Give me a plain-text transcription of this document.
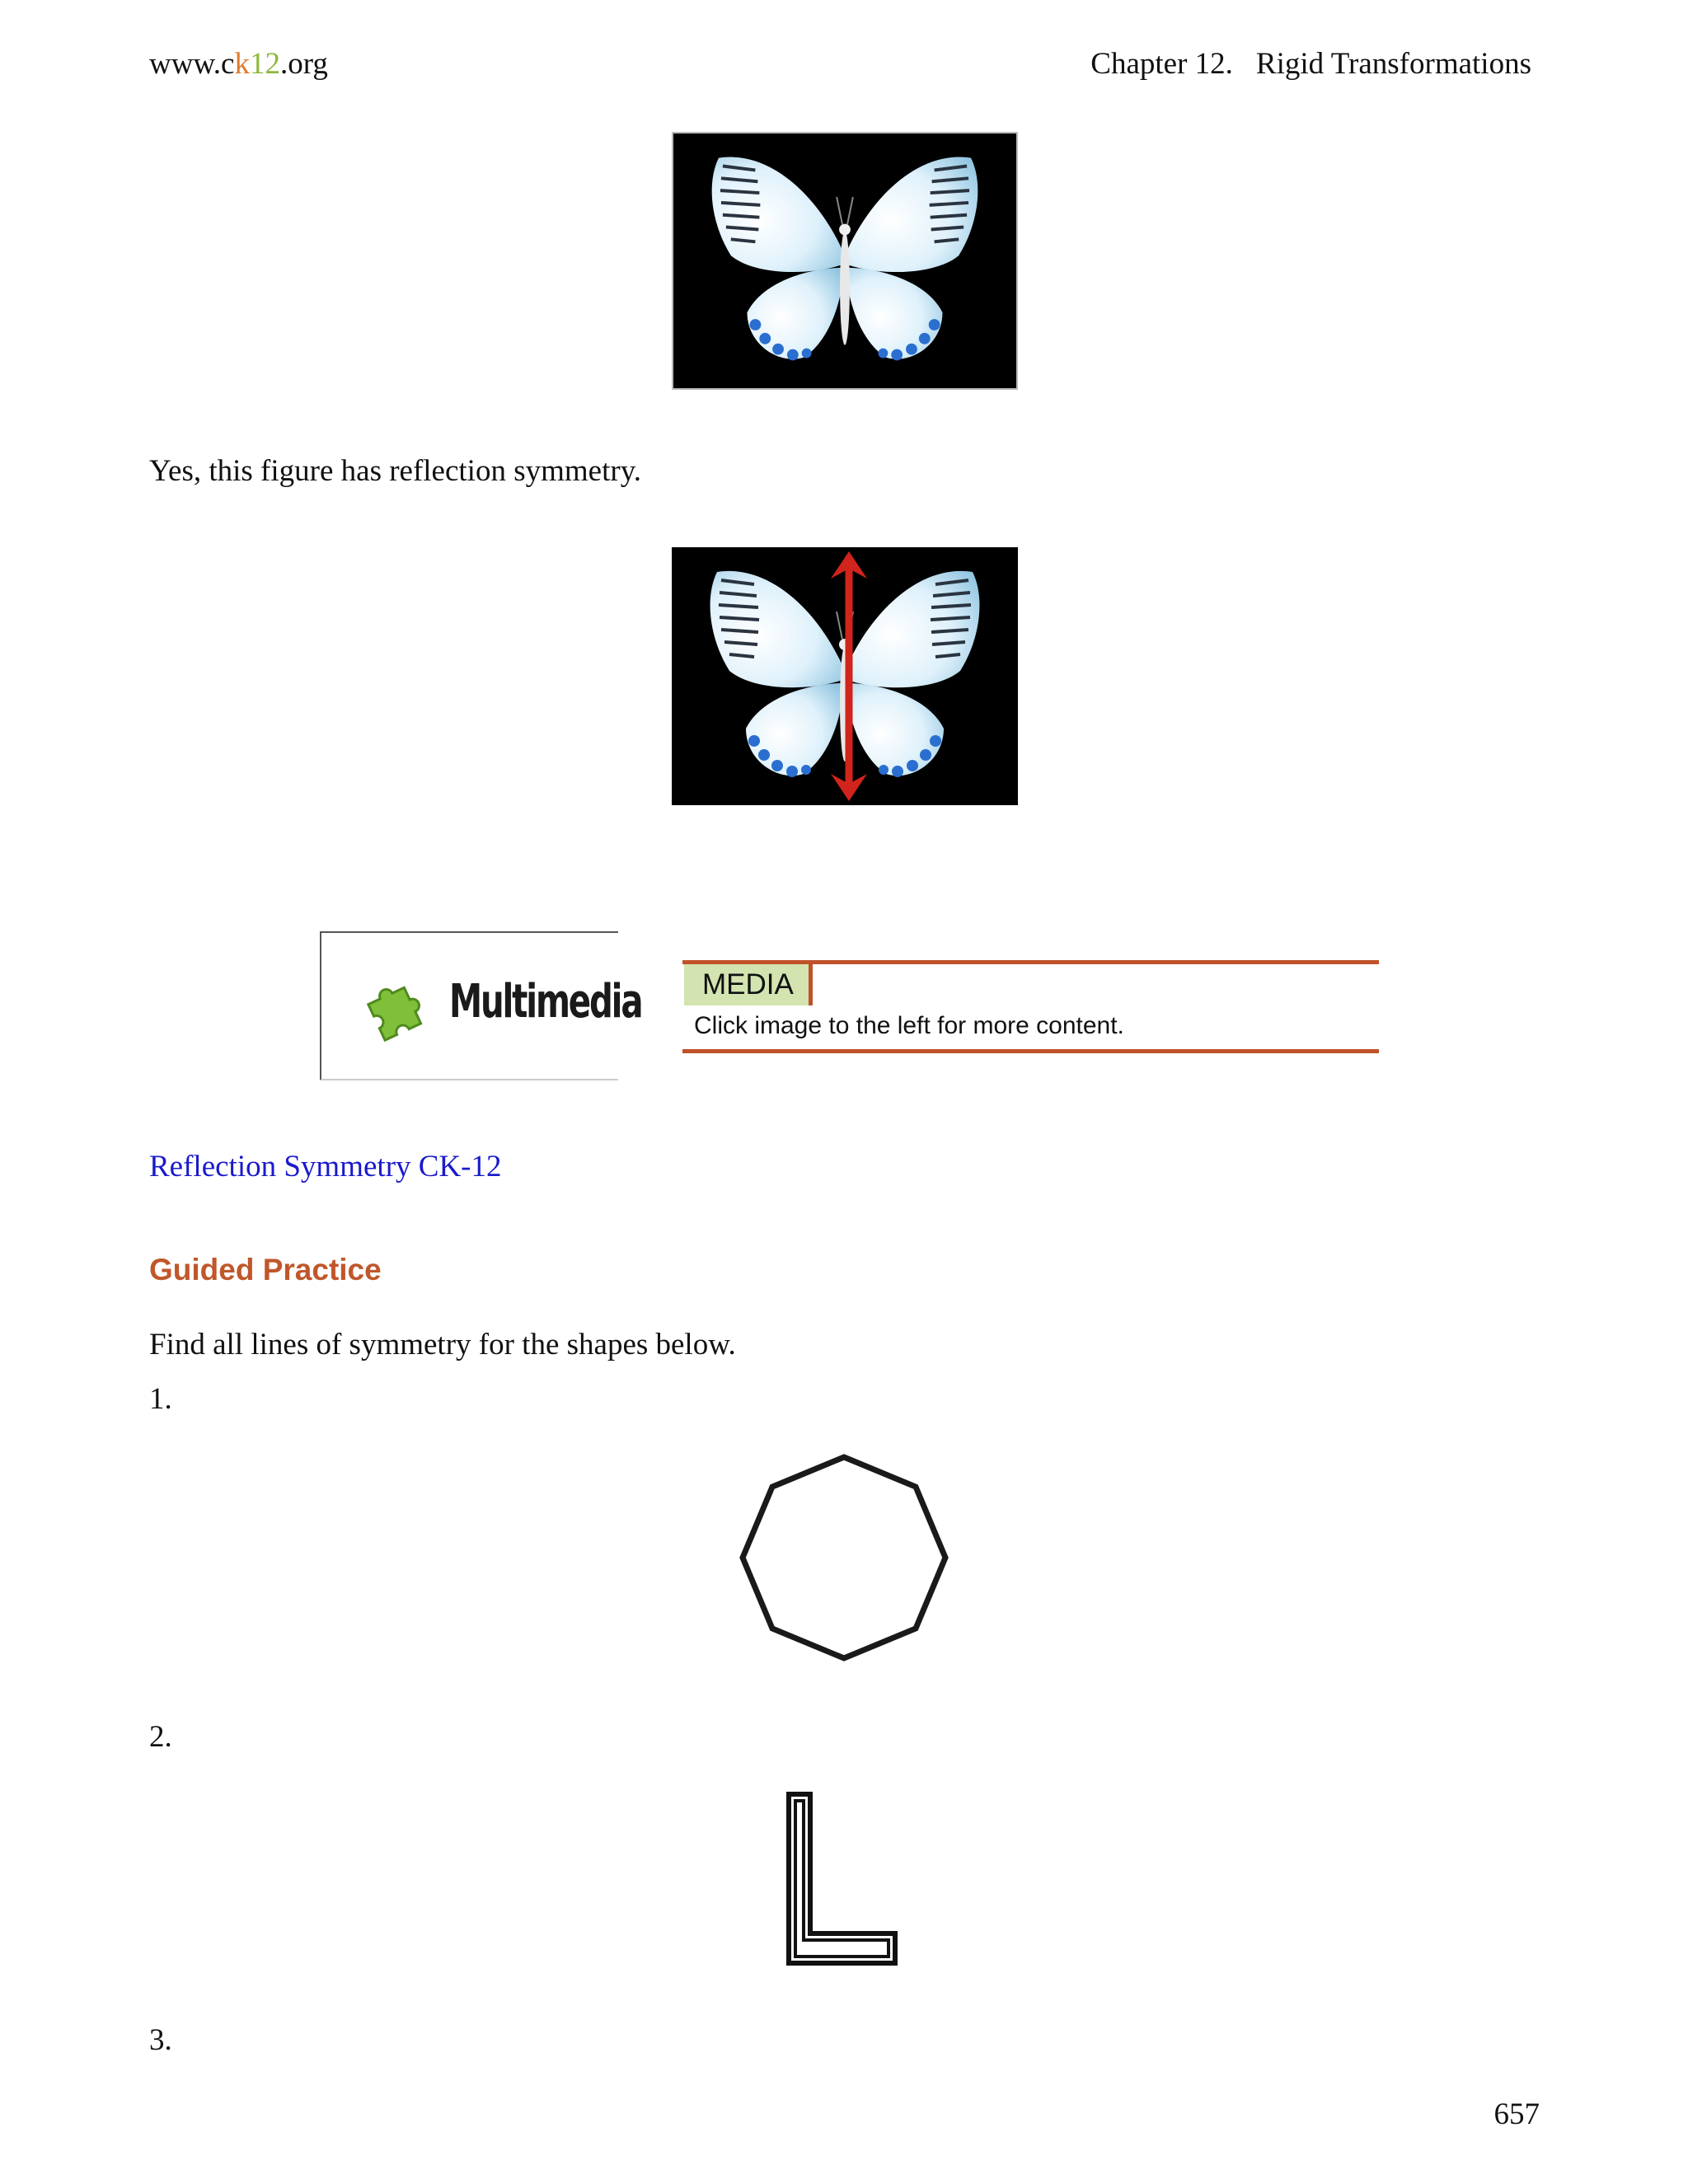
www.ck12.org	Chapter 12. Rigid Transformations
Yes, this figure has reflection symmetry.
Multimedia	MEDIA
Click image to the left for more content.
Reflection Symmetry CK-12
Guided Practice
Find all lines of symmetry for the shapes below.
1.
2.
3.
657
